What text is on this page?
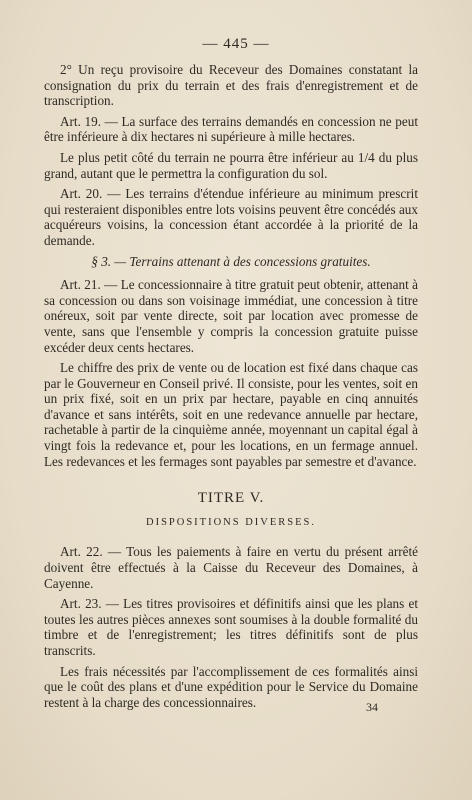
— 445 —

2° Un reçu provisoire du Receveur des Domaines constatant la consignation du prix du terrain et des frais d'enregistrement et de transcription.

Art. 19. — La surface des terrains demandés en concession ne peut être inférieure à dix hectares ni supérieure à mille hectares.

Le plus petit côté du terrain ne pourra être inférieur au 1/4 du plus grand, autant que le permettra la configuration du sol.

Art. 20. — Les terrains d'étendue inférieure au minimum prescrit qui resteraient disponibles entre lots voisins peuvent être concédés aux acquéreurs voisins, la concession étant accordée à la priorité de la demande.

§ 3. — Terrains attenant à des concessions gratuites.

Art. 21. — Le concessionnaire à titre gratuit peut obtenir, attenant à sa concession ou dans son voisinage immédiat, une concession à titre onéreux, soit par vente directe, soit par location avec promesse de vente, sans que l'ensemble y compris la concession gratuite puisse excéder deux cents hectares.

Le chiffre des prix de vente ou de location est fixé dans chaque cas par le Gouverneur en Conseil privé. Il consiste, pour les ventes, soit en un prix fixé, soit en un prix par hectare, payable en cinq annuités d'avance et sans intérêts, soit en une redevance annuelle par hectare, rachetable à partir de la cinquième année, moyennant un capital égal à vingt fois la redevance et, pour les locations, en un fermage annuel. Les redevances et les fermages sont payables par semestre et d'avance.

TITRE V.

DISPOSITIONS DIVERSES.

Art. 22. — Tous les paiements à faire en vertu du présent arrêté doivent être effectués à la Caisse du Receveur des Domaines, à Cayenne.

Art. 23. — Les titres provisoires et définitifs ainsi que les plans et toutes les autres pièces annexes sont soumises à la double formalité du timbre et de l'enregistrement; les titres définitifs sont de plus transcrits.

Les frais nécessités par l'accomplissement de ces formalités ainsi que le coût des plans et d'une expédition pour le Service du Domaine restent à la charge des concessionnaires.	34
